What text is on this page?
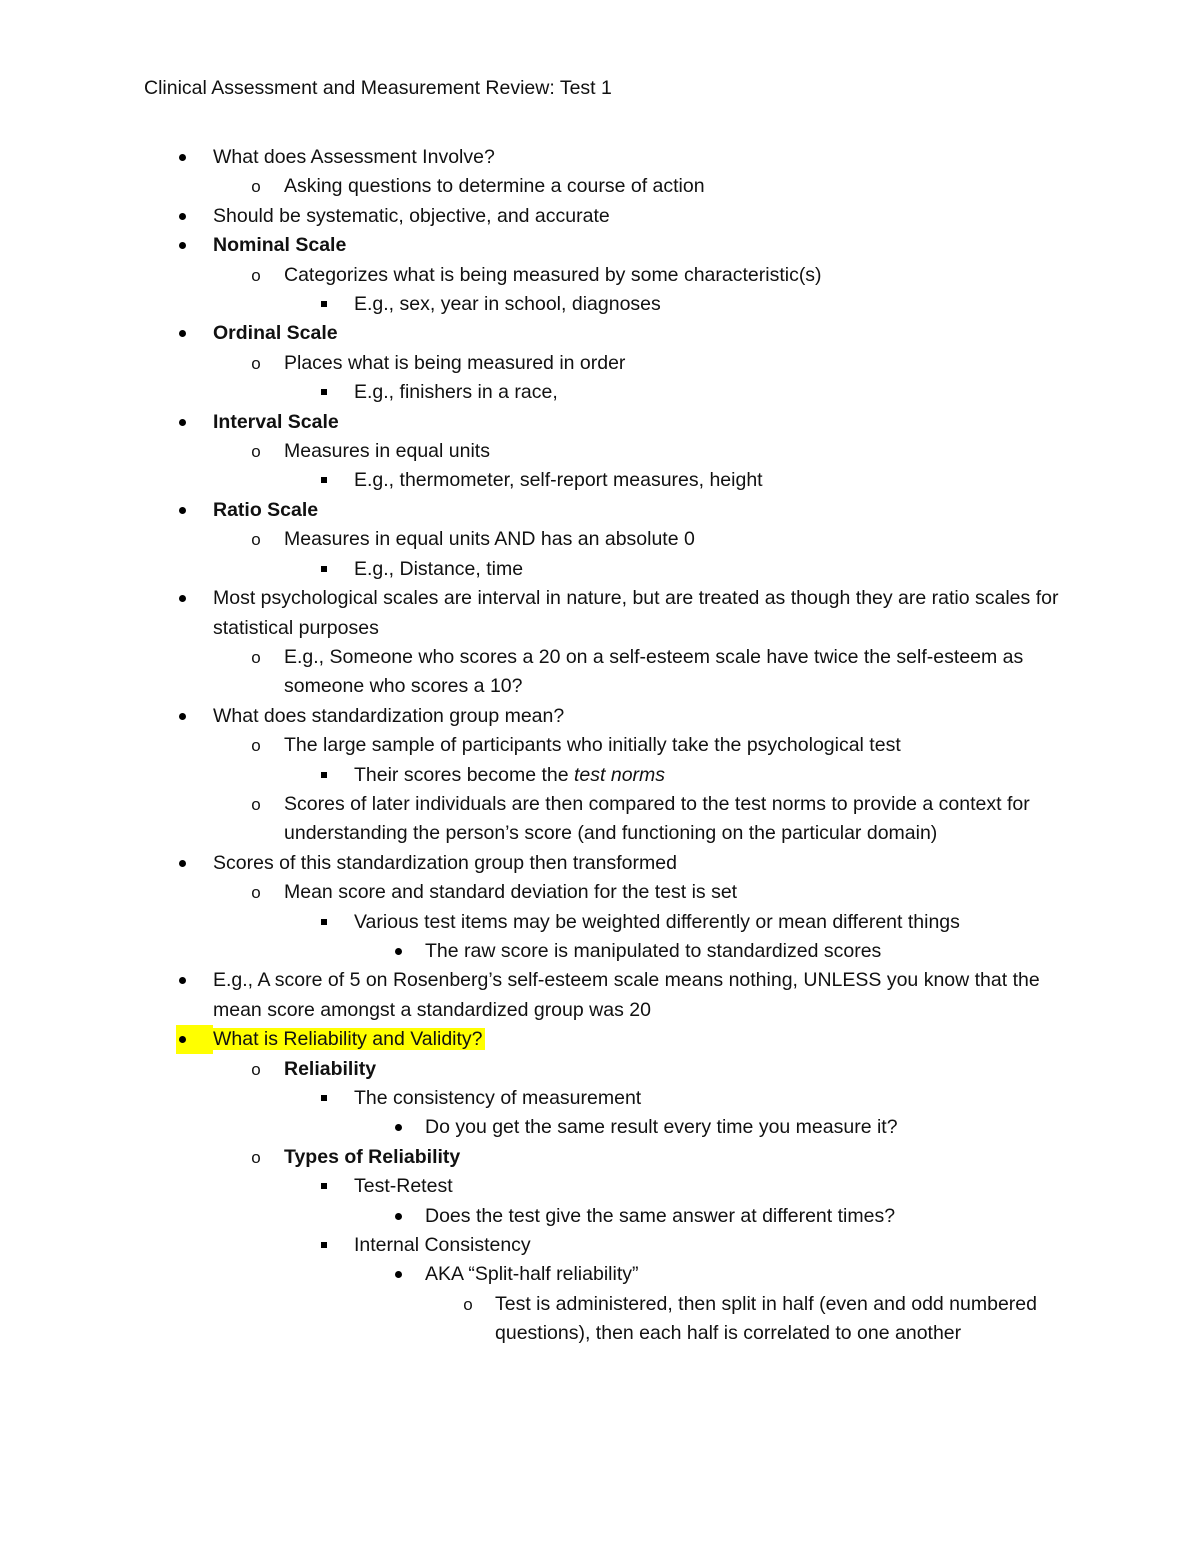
Clinical Assessment and Measurement Review: Test 1
What does Assessment Involve?
o
Asking questions to determine a course of action
Should be systematic, objective, and accurate
Nominal Scale
o
Categorizes what is being measured by some characteristic(s)
E.g., sex, year in school, diagnoses
Ordinal Scale
o
Places what is being measured in order
E.g., finishers in a race,
Interval Scale
o
Measures in equal units
E.g., thermometer, self-report measures, height
Ratio Scale
o
Measures in equal units AND has an absolute 0
E.g., Distance, time
Most psychological scales are interval in nature, but are treated as though they are ratio scales for statistical purposes
o
E.g., Someone who scores a 20 on a self-esteem scale have twice the self-esteem as someone who scores a 10?
What does standardization group mean?
o
The large sample of participants who initially take the psychological test
Their scores become the test norms
o
Scores of later individuals are then compared to the test norms to provide a context for understanding the person’s score (and functioning on the particular domain)
Scores of this standardization group then transformed
o
Mean score and standard deviation for the test is set
Various test items may be weighted differently or mean different things
The raw score is manipulated to standardized scores
E.g., A score of 5 on Rosenberg’s self-esteem scale means nothing, UNLESS you know that the mean score amongst a standardized group was 20
What is Reliability and Validity?
o
Reliability
The consistency of measurement
Do you get the same result every time you measure it?
o
Types of Reliability
Test-Retest
Does the test give the same answer at different times?
Internal Consistency
AKA “Split-half reliability”
o
Test is administered, then split in half (even and odd numbered questions), then each half is correlated to one another
